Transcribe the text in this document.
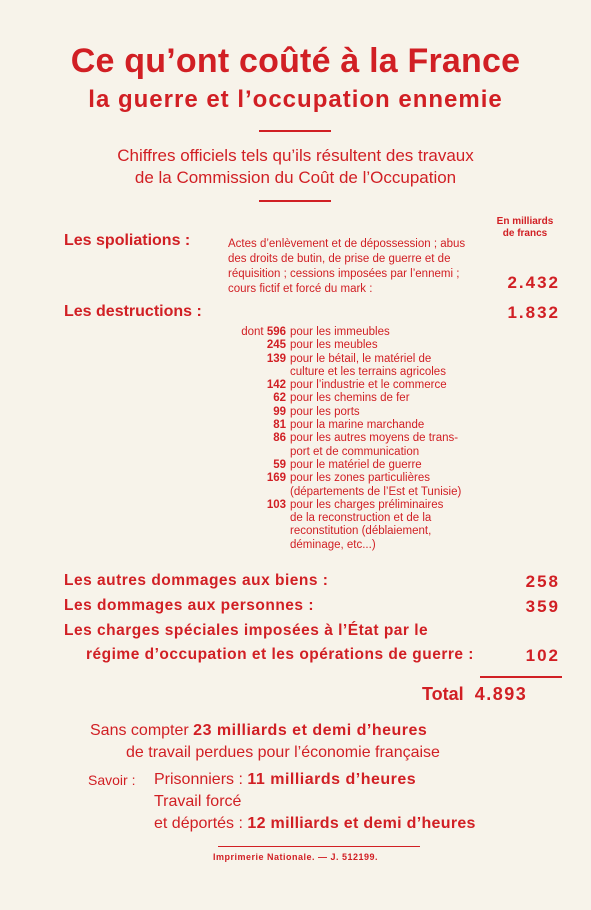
Ce qu’ont coûté à la France
la guerre et l’occupation ennemie
Chiffres officiels tels qu’ils résultent des travaux
de la Commission du Coût de l’Occupation
En milliards
de francs
Les spoliations :	Actes d’enlèvement et de dépossession ; abus des droits de butin, de prise de guerre et de réquisition ; cessions imposées par l’ennemi ; cours fictif et forcé du mark :	2.432
Les destructions :	1.832
dont 596 pour les immeubles
245 pour les meubles
139 pour le bétail, le matériel de
culture et les terrains agricoles
142 pour l’industrie et le commerce
62 pour les chemins de fer
99 pour les ports
81 pour la marine marchande
86 pour les autres moyens de trans-
port et de communication
59 pour le matériel de guerre
169 pour les zones particulières
(départements de l’Est et Tunisie)
103 pour les charges préliminaires
de la reconstruction et de la
reconstitution (déblaiement,
déminage, etc...)
Les autres dommages aux biens :	258
Les dommages aux personnes :	359
Les charges spéciales imposées à l’État par le
régime d’occupation et les opérations de guerre :	102
Total 4.893
Sans compter 23 milliards et demi d’heures
de travail perdues pour l’économie française
Savoir : Prisonniers : 11 milliards d’heures
Travail forcé
et déportés : 12 milliards et demi d’heures
Imprimerie Nationale. — J. 512199.
